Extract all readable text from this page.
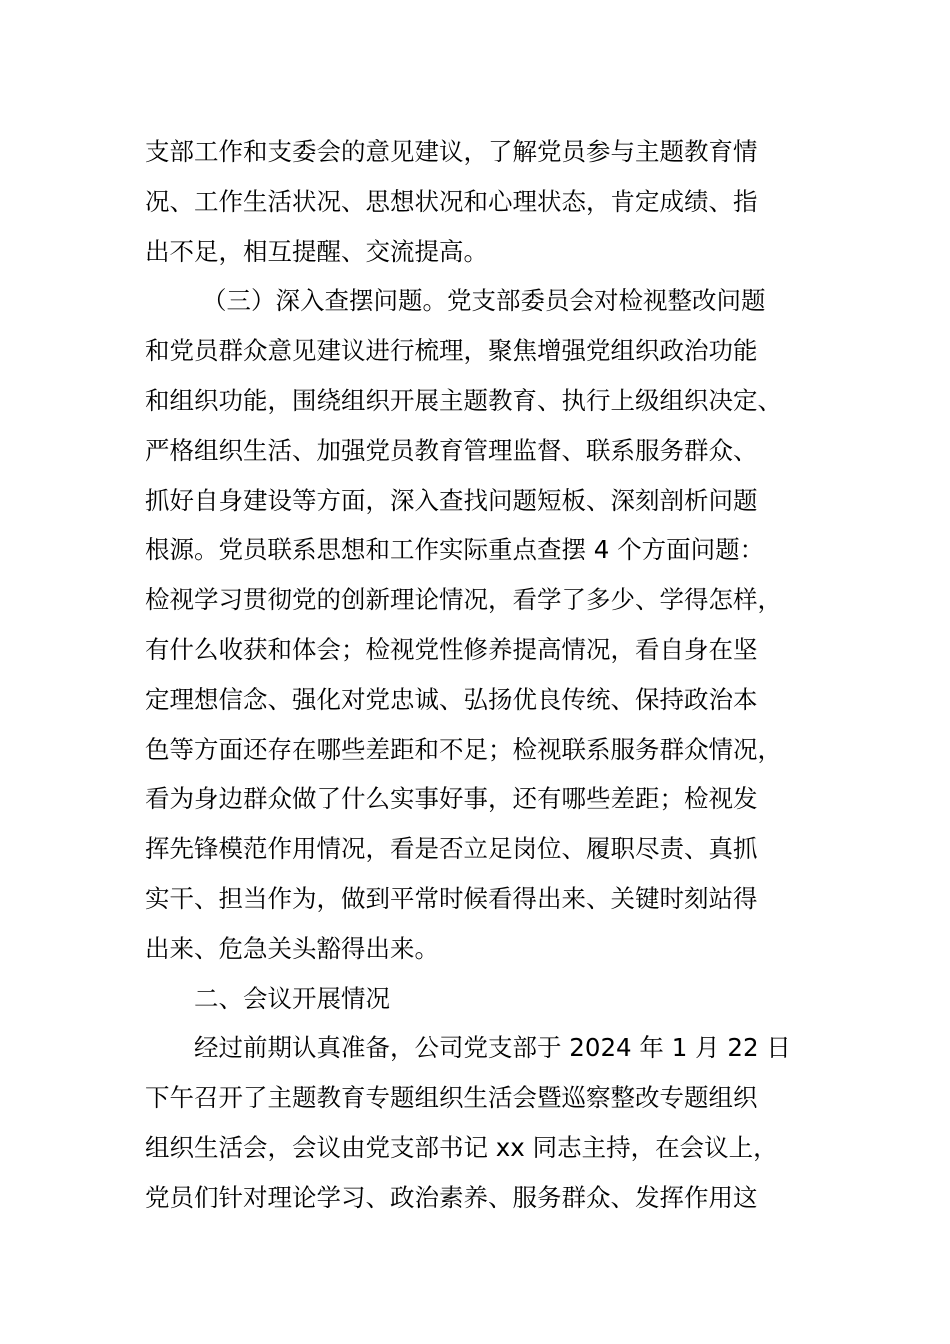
支部工作和支委会的意见建议，了解党员参与主题教育情
况、工作生活状况、思想状况和心理状态，肯定成绩、指
出不足，相互提醒、交流提高。
（三）深入查摆问题。党支部委员会对检视整改问题
和党员群众意见建议进行梳理，聚焦增强党组织政治功能
和组织功能，围绕组织开展主题教育、执行上级组织决定、
严格组织生活、加强党员教育管理监督、联系服务群众、
抓好自身建设等方面，深入查找问题短板、深刻剖析问题
根源。党员联系思想和工作实际重点查摆 4 个方面问题：
检视学习贯彻党的创新理论情况，看学了多少、学得怎样，
有什么收获和体会；检视党性修养提高情况，看自身在坚
定理想信念、强化对党忠诚、弘扬优良传统、保持政治本
色等方面还存在哪些差距和不足；检视联系服务群众情况，
看为身边群众做了什么实事好事，还有哪些差距；检视发
挥先锋模范作用情况，看是否立足岗位、履职尽责、真抓
实干、担当作为，做到平常时候看得出来、关键时刻站得
出来、危急关头豁得出来。
二、会议开展情况
经过前期认真准备，公司党支部于 2024 年 1 月 22 日
下午召开了主题教育专题组织生活会暨巡察整改专题组织
组织生活会，会议由党支部书记 xx 同志主持，在会议上，
党员们针对理论学习、政治素养、服务群众、发挥作用这
